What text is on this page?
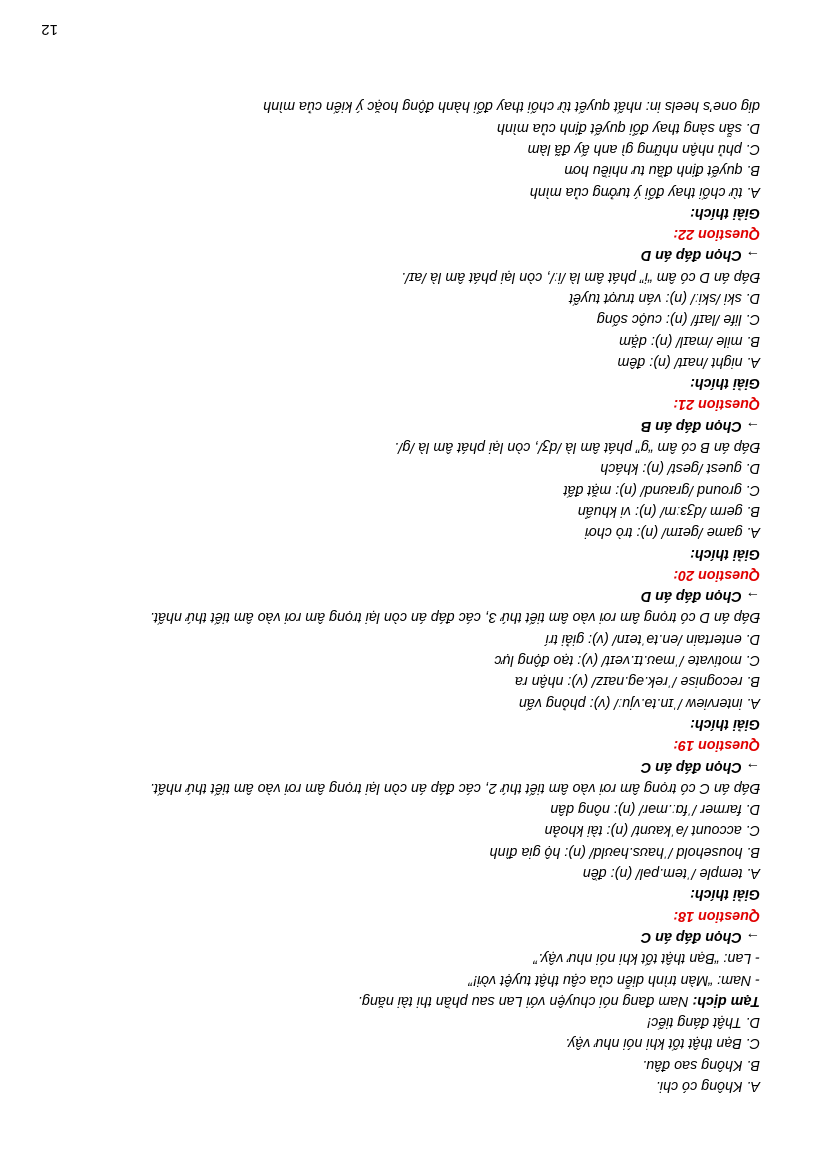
12
A. Không có chi.
B. Không sao đâu.
C. Bạn thật tốt khi nói như vậy.
D. Thật đáng tiếc!
Tạm dịch: Nam đang nói chuyện với Lan sau phần thi tài năng.
- Nam: “Màn trình diễn của cậu thật tuyệt vời!”
- Lan: “Bạn thật tốt khi nói như vậy.”
→ Chọn đáp án C
Question 18:
Giải thích:
A. temple /ˈtem.pəl/ (n): đền
B. household /ˈhaʊs.həʊld/ (n): hộ gia đình
C. account /əˈkaʊnt/ (n): tài khoản
D. farmer /ˈfɑː.mər/ (n): nông dân
Đáp án C có trọng âm rơi vào âm tiết thứ 2, các đáp án còn lại trọng âm rơi vào âm tiết thứ nhất.
→ Chọn đáp án C
Question 19:
Giải thích:
A. interview /ˈɪn.tə.vjuː/ (v): phỏng vấn
B. recognise /ˈrek.əɡ.naɪz/ (v): nhận ra
C. motivate /ˈməʊ.tɪ.veɪt/ (v): tạo động lực
D. entertain /en.təˈteɪn/ (v): giải trí
Đáp án D có trọng âm rơi vào âm tiết thứ 3, các đáp án còn lại trọng âm rơi vào âm tiết thứ nhất.
→ Chọn đáp án D
Question 20:
Giải thích:
A. game /ɡeɪm/ (n): trò chơi
B. germ /dʒɜːm/ (n): vi khuẩn
C. ground /ɡraʊnd/ (n): mặt đất
D. guest /ɡest/ (n): khách
Đáp án B có âm “g” phát âm là /dʒ/, còn lại phát âm là /ɡ/.
→ Chọn đáp án B
Question 21:
Giải thích:
A. night /naɪt/ (n): đêm
B. mile /maɪl/ (n): dặm
C. life /laɪf/ (n): cuộc sống
D. ski /skiː/ (n): ván trượt tuyết
Đáp án D có âm “i” phát âm là /iː/, còn lại phát âm là /aɪ/.
→ Chọn đáp án D
Question 22:
Giải thích:
A. từ chối thay đổi ý tưởng của mình
B. quyết định đầu tư nhiều hơn
C. phủ nhận những gì anh ấy đã làm
D. sẵn sàng thay đổi quyết định của mình
dig one’s heels in: nhất quyết từ chối thay đổi hành động hoặc ý kiến của mình
